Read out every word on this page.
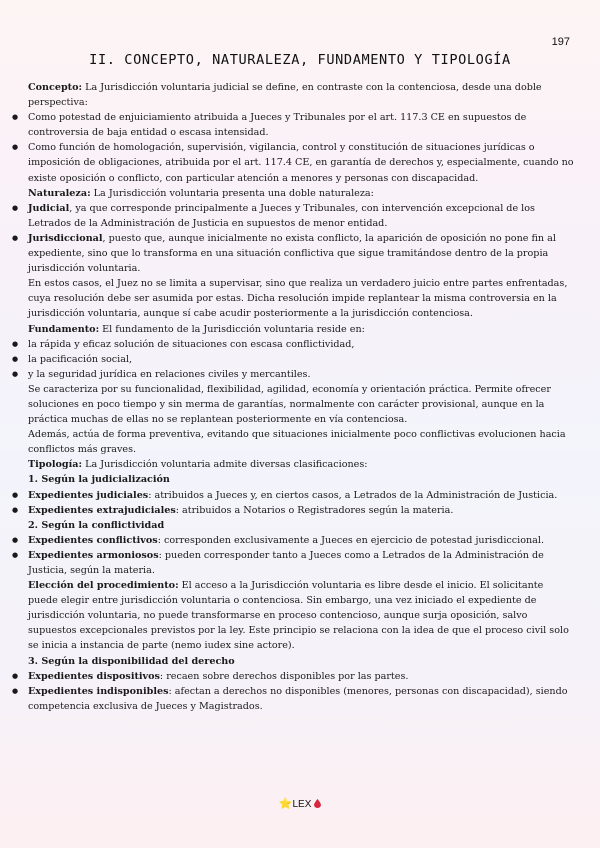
197
II. CONCEPTO, NATURALEZA, FUNDAMENTO Y TIPOLOGÍA

Concepto: La Jurisdicción voluntaria judicial se define, en contraste con la contenciosa, desde una doble perspectiva:

● Como potestad de enjuiciamiento atribuida a Jueces y Tribunales por el art. 117.3 CE en supuestos de controversia de baja entidad o escasa intensidad.
● Como función de homologación, supervisión, vigilancia, control y constitución de situaciones jurídicas o imposición de obligaciones, atribuida por el art. 117.4 CE, en garantía de derechos y, especialmente, cuando no existe oposición o conflicto, con particular atención a menores y personas con discapacidad.

Naturaleza: La Jurisdicción voluntaria presenta una doble naturaleza:

● Judicial, ya que corresponde principalmente a Jueces y Tribunales, con intervención excepcional de los Letrados de la Administración de Justicia en supuestos de menor entidad.
● Jurisdiccional, puesto que, aunque inicialmente no exista conflicto, la aparición de oposición no pone fin al expediente, sino que lo transforma en una situación conflictiva que sigue tramitándose dentro de la propia jurisdicción voluntaria.

En estos casos, el Juez no se limita a supervisar, sino que realiza un verdadero juicio entre partes enfrentadas, cuya resolución debe ser asumida por estas. Dicha resolución impide replantear la misma controversia en la jurisdicción voluntaria, aunque sí cabe acudir posteriormente a la jurisdicción contenciosa.

Fundamento: El fundamento de la Jurisdicción voluntaria reside en:

● la rápida y eficaz solución de situaciones con escasa conflictividad,
● la pacificación social,
● y la seguridad jurídica en relaciones civiles y mercantiles.

Se caracteriza por su funcionalidad, flexibilidad, agilidad, economía y orientación práctica. Permite ofrecer soluciones en poco tiempo y sin merma de garantías, normalmente con carácter provisional, aunque en la práctica muchas de ellas no se replantean posteriormente en vía contenciosa.

Además, actúa de forma preventiva, evitando que situaciones inicialmente poco conflictivas evolucionen hacia conflictos más graves.

Tipología: La Jurisdicción voluntaria admite diversas clasificaciones:

1. Según la judicialización

● Expedientes judiciales: atribuidos a Jueces y, en ciertos casos, a Letrados de la Administración de Justicia.
● Expedientes extrajudiciales: atribuidos a Notarios o Registradores según la materia.

2. Según la conflictividad

● Expedientes conflictivos: corresponden exclusivamente a Jueces en ejercicio de potestad jurisdiccional.
● Expedientes armoniosos: pueden corresponder tanto a Jueces como a Letrados de la Administración de Justicia, según la materia.

Elección del procedimiento: El acceso a la Jurisdicción voluntaria es libre desde el inicio. El solicitante puede elegir entre jurisdicción voluntaria o contenciosa. Sin embargo, una vez iniciado el expediente de jurisdicción voluntaria, no puede transformarse en proceso contencioso, aunque surja oposición, salvo supuestos excepcionales previstos por la ley. Este principio se relaciona con la idea de que el proceso civil solo se inicia a instancia de parte (nemo iudex sine actore).

3. Según la disponibilidad del derecho

● Expedientes dispositivos: recaen sobre derechos disponibles por las partes.
● Expedientes indisponibles: afectan a derechos no disponibles (menores, personas con discapacidad), siendo competencia exclusiva de Jueces y Magistrados.
⭐LEX
